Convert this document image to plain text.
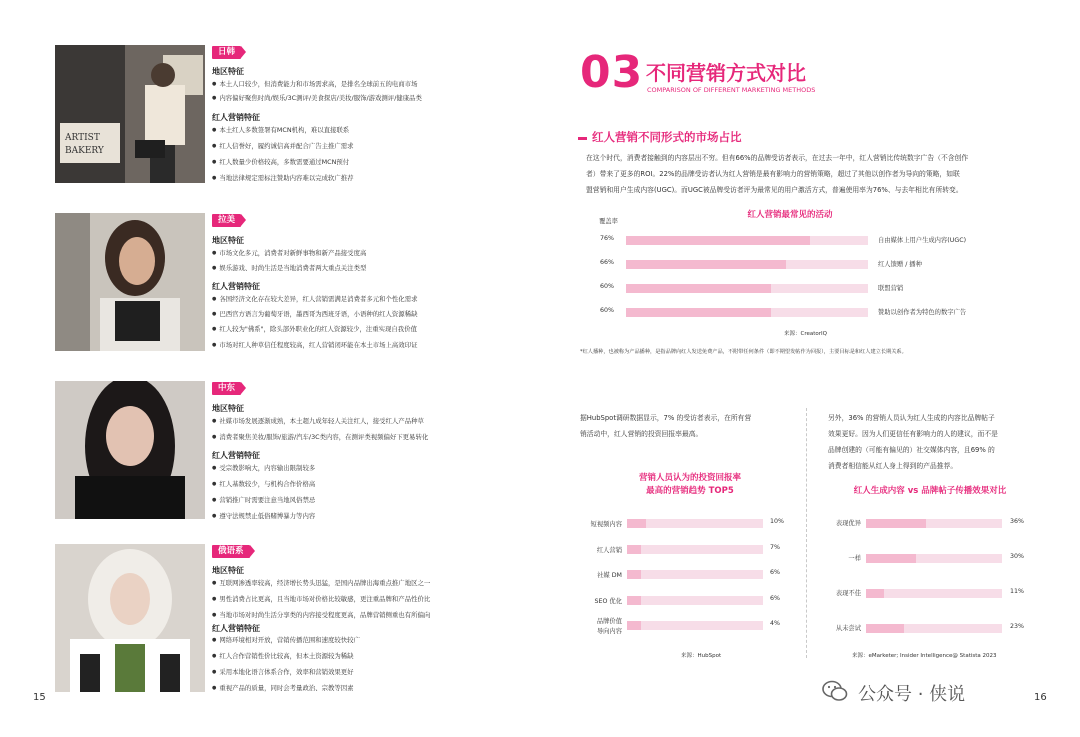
ARTIST
BAKERY
日韩
地区特征
● 本土人口较少，但消费能力和市场需求高，是排名全球前五的电商市场
● 内容偏好聚焦时尚/娱乐/3C测评/美食探店/美妆/服饰/游戏测评/健康品类
红人营销特征
● 本土红人多数签署有MCN机构，难以直接联系
● 红人信誉好，履约诚信高并配合广告主推广需求
● 红人数量少价格较高，多数需要通过MCN预付
● 当地法律规定需标注赞助内容难以完成软广推荐
拉美
地区特征
● 市场文化多元，消费者对新鲜事物和新产品接受度高
● 娱乐游戏、时尚生活是当地消费者两大重点关注类型
红人营销特征
● 各国经济文化存在较大差异，红人营销需满足消费者多元和个性化需求
● 巴西官方语言为葡萄牙语，墨西哥为西班牙语，小语种的红人资源稀缺
● 红人较为"佛系"，除头部外职业化的红人资源较少，注重实现自我价值
● 市场对红人种草信任程度较高，红人营销闭环能在本土市场上高效印证
中东
地区特征
● 社媒市场发展逐渐成熟，本土超九成年轻人关注红人，接受红人产品种草
● 消费者聚焦美妆/服饰/旅游/汽车/3C类内容，在测评类视频偏好下更易转化
红人营销特征
● 受宗教影响大，内容输出限制较多
● 红人基数较少，与机构合作价格高
● 营销推广时需要注意当地风俗禁忌
● 遵守法规禁止低俗赌博暴力等内容
俄语系
地区特征
● 互联网渗透率较高，经济增长势头迅猛，是国内品牌出海重点推广地区之一
● 男性消费占比更高，且当地市场对价格比较敏感，更注重品牌和产品性价比
● 当地市场对时尚生活分享类的内容接受程度更高，品牌营销侧重也有所偏向
红人营销特征
● 网络环境相对开放，营销传播范围和速度较快较广
● 红人合作营销性价比较高，但本土资源较为稀缺
● 采用本地化语言体系合作，效率和营销效果更好
● 重视产品的质量，同时会考量政治、宗教等因素
15
03 不同营销方式对比
COMPARISON OF DIFFERENT MARKETING METHODS
红人营销不同形式的市场占比
在这个时代，消费者接触到的内容层出不穷。但有66%的品牌受访者表示，在过去一年中，红人营销比传统数字广告（不含创作
者）带来了更多的ROI。22%的品牌受访者认为红人营销是最有影响力的营销策略，超过了其他以创作者为导向的策略，如联
盟营销和用户生成内容(UGC)。而UGC被品牌受访者评为最常见的用户激活方式，普遍使用率为76%、与去年相比有所转变。
红人营销最常见的活动
覆盖率
76%	自由媒体上用户生成内容(UGC)
66%	红人馈赠 / 播种
60%	联盟营销
60%	赞助以创作者为特色的数字广告
来源：CreatorIQ
*红人播种，也被称为产品播种，是指品牌向红人发送免费产品，不附带任何条件（即不期望发帖作为回报），主要目标是和红人建立长期关系。
据HubSpot调研数据显示，7% 的受访者表示，在所有营
销活动中，红人营销的投资回报率最高。
另外，36% 的营销人员认为红人生成的内容比品牌帖子
效果更好。因为人们更信任有影响力的人的建议，而不是
品牌创建的（可能有偏见的）社交媒体内容，且69% 的
消费者相信能从红人身上得到的产品推荐。
营销人员认为的投资回报率
最高的营销趋势 TOP5
短视频内容	10%
红人营销	7%
社媒 DM	6%
SEO 优化	6%
品牌价值
导向内容
4%
来源：HubSpot
红人生成内容 vs 品牌帖子传播效果对比
表现优异	36%
一样	30%
表现不佳	11%
从未尝试	23%
来源：eMarketer; Insider Intelligence@ Statista 2023
公众号 · 侠说	16
